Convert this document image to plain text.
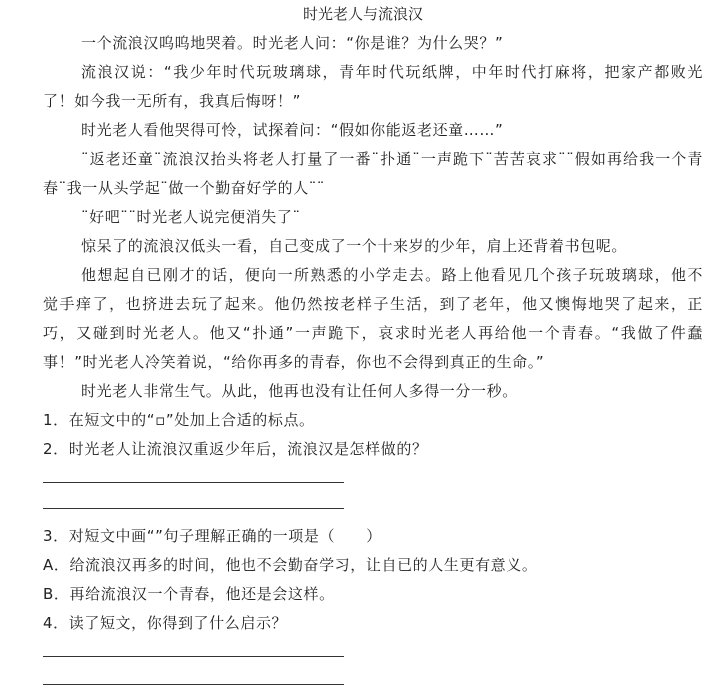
时光老人与流浪汉
一个流浪汉呜呜地哭着。时光老人问：“你是谁？为什么哭？”
流浪汉说：“我少年时代玩玻璃球，青年时代玩纸牌，中年时代打麻将，把家产都败光
了！如今我一无所有，我真后悔呀！”
时光老人看他哭得可怜，试探着问：“假如你能返老还童……”
¨返老还童¨流浪汉抬头将老人打量了一番¨扑通¨一声跪下¨苦苦哀求¨¨假如再给我一个青
春¨我一从头学起¨做一个勤奋好学的人¨¨
¨好吧¨¨时光老人说完便消失了¨
惊呆了的流浪汉低头一看，自己变成了一个十来岁的少年，肩上还背着书包呢。
他想起自已刚才的话，便向一所熟悉的小学走去。路上他看见几个孩子玩玻璃球，他不
觉手痒了，也挤进去玩了起来。他仍然按老样子生活，到了老年，他又懊悔地哭了起来，正
巧，又碰到时光老人。他又“扑通”一声跪下，哀求时光老人再给他一个青春。“我做了件蠢
事！”时光老人冷笑着说，“给你再多的青春，你也不会得到真正的生命。”
时光老人非常生气。从此，他再也没有让任何人多得一分一秒。
1．在短文中的“▫”处加上合适的标点。
2．时光老人让流浪汉重返少年后，流浪汉是怎样做的？
3．对短文中画“”句子理解正确的一项是（　　）
A．给流浪汉再多的时间，他也不会勤奋学习，让自已的人生更有意义。
B．再给流浪汉一个青春，他还是会这样。
4．读了短文，你得到了什么启示？
